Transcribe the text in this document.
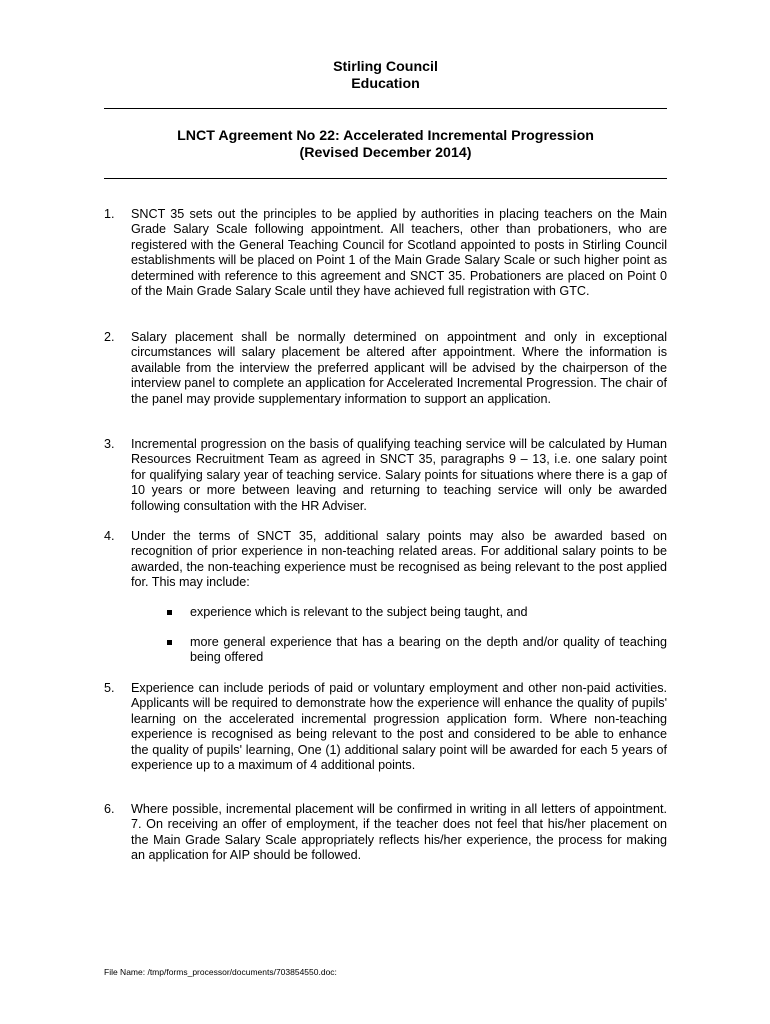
Stirling Council
Education
LNCT Agreement No 22: Accelerated Incremental Progression
(Revised December 2014)
1.	SNCT 35 sets out the principles to be applied by authorities in placing teachers on the Main Grade Salary Scale following appointment. All teachers, other than probationers, who are registered with the General Teaching Council for Scotland appointed to posts in Stirling Council establishments will be placed on Point 1 of the Main Grade Salary Scale or such higher point as determined with reference to this agreement and SNCT 35. Probationers are placed on Point 0 of the Main Grade Salary Scale until they have achieved full registration with GTC.
2.	Salary placement shall be normally determined on appointment and only in exceptional circumstances will salary placement be altered after appointment. Where the information is available from the interview the preferred applicant will be advised by the chairperson of the interview panel to complete an application for Accelerated Incremental Progression. The chair of the panel may provide supplementary information to support an application.
3.	Incremental progression on the basis of qualifying teaching service will be calculated by Human Resources Recruitment Team as agreed in SNCT 35, paragraphs 9 – 13, i.e. one salary point for qualifying salary year of teaching service. Salary points for situations where there is a gap of 10 years or more between leaving and returning to teaching service will only be awarded following consultation with the HR Adviser.
4.	Under the terms of SNCT 35, additional salary points may also be awarded based on recognition of prior experience in non-teaching related areas. For additional salary points to be awarded, the non-teaching experience must be recognised as being relevant to the post applied for. This may include:
experience which is relevant to the subject being taught, and
more general experience that has a bearing on the depth and/or quality of teaching being offered
5.	Experience can include periods of paid or voluntary employment and other non-paid activities. Applicants will be required to demonstrate how the experience will enhance the quality of pupils' learning on the accelerated incremental progression application form. Where non-teaching experience is recognised as being relevant to the post and considered to be able to enhance the quality of pupils' learning, One (1) additional salary point will be awarded for each 5 years of experience up to a maximum of 4 additional points.
6.	Where possible, incremental placement will be confirmed in writing in all letters of appointment. 7. On receiving an offer of employment, if the teacher does not feel that his/her placement on the Main Grade Salary Scale appropriately reflects his/her experience, the process for making an application for AIP should be followed.
File Name: /tmp/forms_processor/documents/703854550.doc:
